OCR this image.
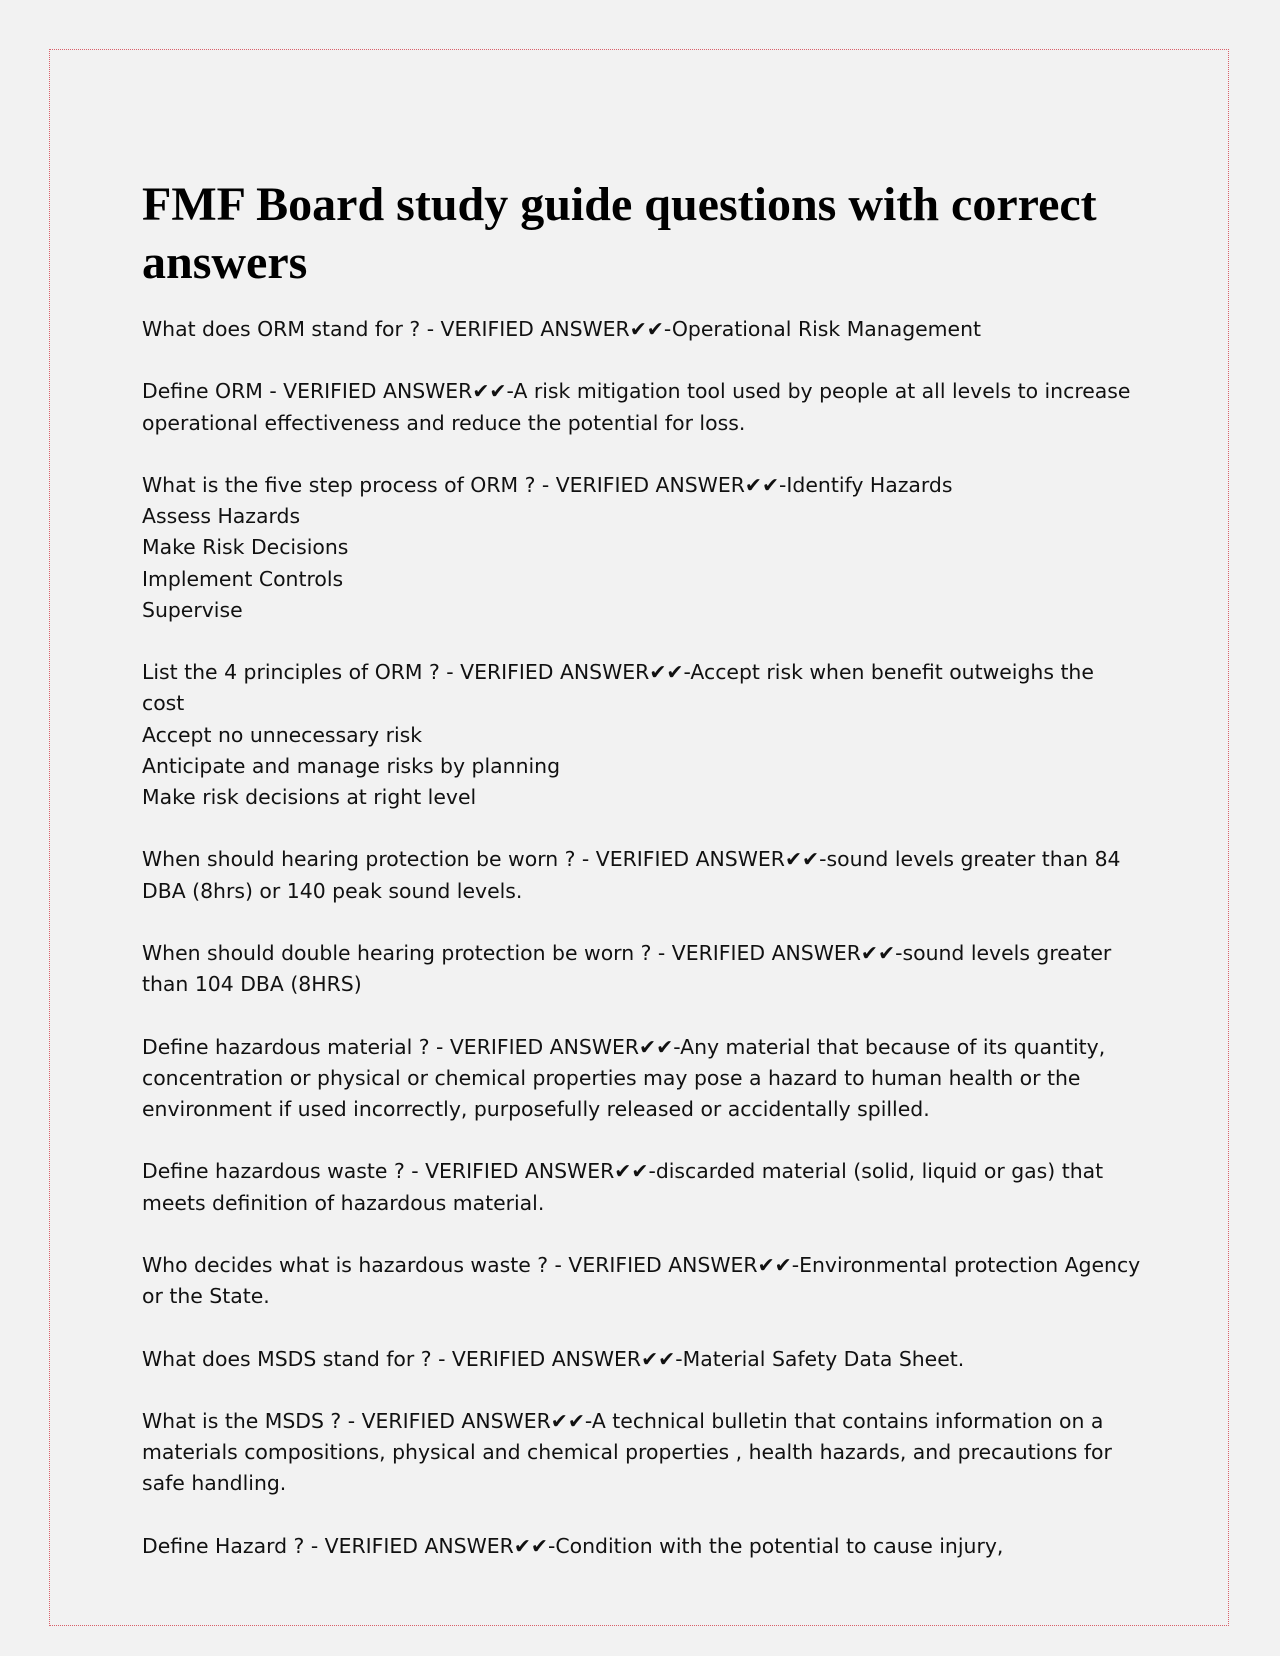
FMF Board study guide questions with correct answers

What does ORM stand for ? - VERIFIED ANSWER✔✔-Operational Risk Management

Define ORM - VERIFIED ANSWER✔✔-A risk mitigation tool used by people at all levels to increase operational effectiveness and reduce the potential for loss.

What is the five step process of ORM ? - VERIFIED ANSWER✔✔-Identify Hazards
Assess Hazards
Make Risk Decisions
Implement Controls
Supervise

List the 4 principles of ORM ? - VERIFIED ANSWER✔✔-Accept risk when benefit outweighs the cost
Accept no unnecessary risk
Anticipate and manage risks by planning
Make risk decisions at right level

When should hearing protection be worn ? - VERIFIED ANSWER✔✔-sound levels greater than 84 DBA (8hrs) or 140 peak sound levels.

When should double hearing protection be worn ? - VERIFIED ANSWER✔✔-sound levels greater than 104 DBA (8HRS)

Define hazardous material ? - VERIFIED ANSWER✔✔-Any material that because of its quantity, concentration or physical or chemical properties may pose a hazard to human health or the environment if used incorrectly, purposefully released or accidentally spilled.

Define hazardous waste ? - VERIFIED ANSWER✔✔-discarded material (solid, liquid or gas) that meets definition of hazardous material.

Who decides what is hazardous waste ? - VERIFIED ANSWER✔✔-Environmental protection Agency or the State.

What does MSDS stand for ? - VERIFIED ANSWER✔✔-Material Safety Data Sheet.

What is the MSDS ? - VERIFIED ANSWER✔✔-A technical bulletin that contains information on a materials compositions, physical and chemical properties , health hazards, and precautions for safe handling.

Define Hazard ? - VERIFIED ANSWER✔✔-Condition with the potential to cause injury,
